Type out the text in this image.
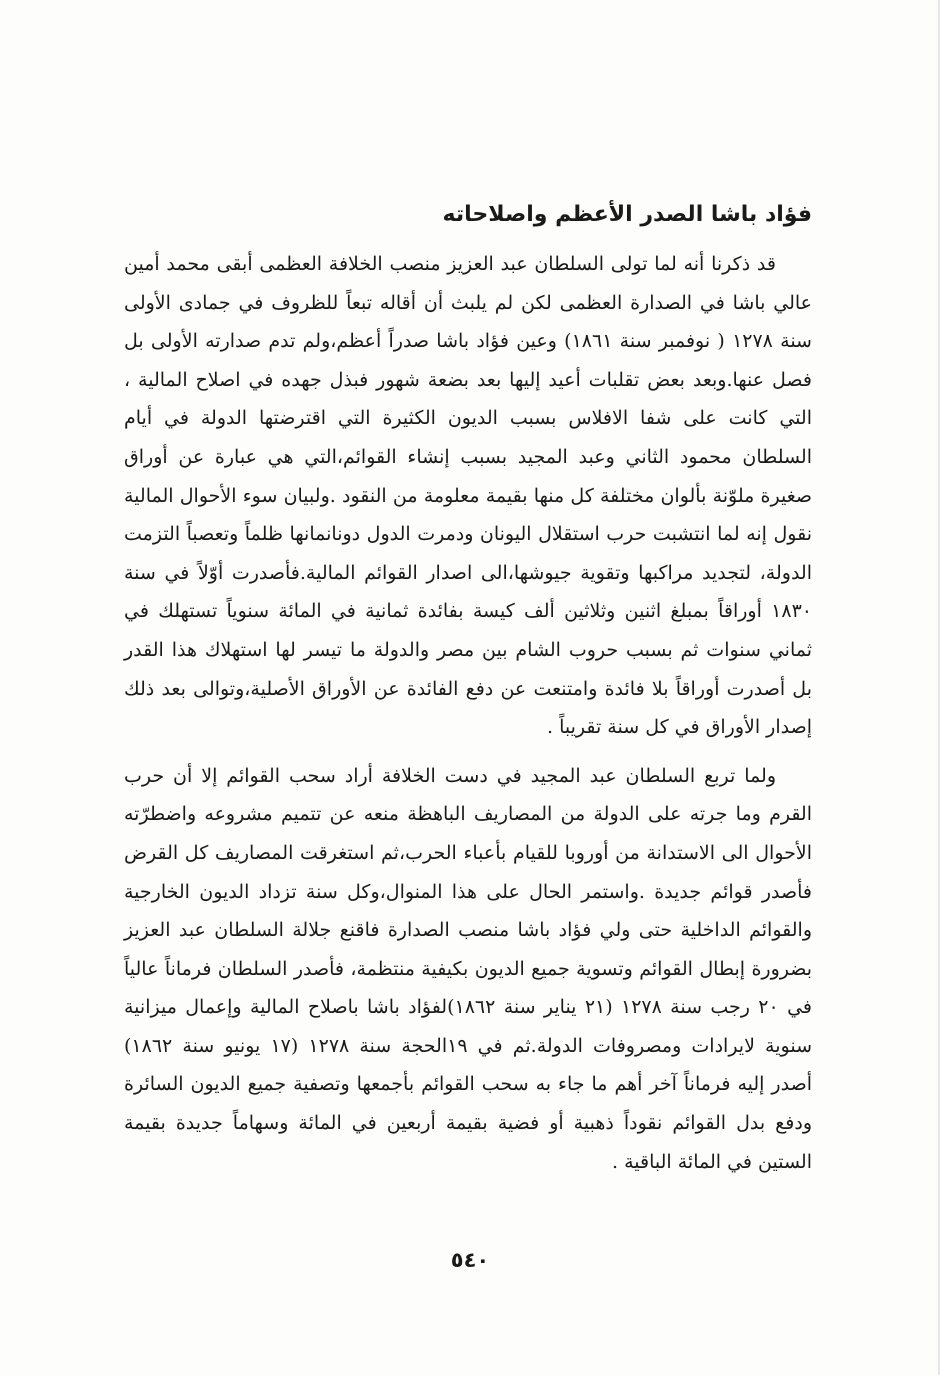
فؤاد باشا الصدر الأعظم واصلاحاته

قد ذكرنا أنه لما تولى السلطان عبد العزيز منصب الخلافة العظمى أبقى محمد أمين عالي باشا في الصدارة العظمى لكن لم يلبث أن أقاله تبعاً للظروف في جمادى الأولى سنة ١٢٧٨ ( نوفمبر سنة ١٨٦١) وعين فؤاد باشا صدراً أعظم،ولم تدم صدارته الأولى بل فصل عنها.وبعد بعض تقلبات أعيد إليها بعد بضعة شهور فبذل جهده في اصلاح المالية ، التي كانت على شفا الافلاس بسبب الديون الكثيرة التي اقترضتها الدولة في أيام السلطان محمود الثاني وعبد المجيد بسبب إنشاء القوائم،التي هي عبارة عن أوراق صغيرة ملوّنة بألوان مختلفة كل منها بقيمة معلومة من النقود .ولبيان سوء الأحوال المالية نقول إنه لما انتشبت حرب استقلال اليونان ودمرت الدول دونانمانها ظلماً وتعصباً التزمت الدولة، لتجديد مراكبها وتقوية جيوشها،الى اصدار القوائم المالية.فأصدرت أوّلاً في سنة ١٨٣٠ أوراقاً بمبلغ اثنين وثلاثين ألف كيسة بفائدة ثمانية في المائة سنوياً تستهلك في ثماني سنوات ثم بسبب حروب الشام بين مصر والدولة ما تيسر لها استهلاك هذا القدر بل أصدرت أوراقاً بلا فائدة وامتنعت عن دفع الفائدة عن الأوراق الأصلية،وتوالى بعد ذلك إصدار الأوراق في كل سنة تقريباً .

ولما تربع السلطان عبد المجيد في دست الخلافة أراد سحب القوائم إلا أن حرب القرم وما جرته على الدولة من المصاريف الباهظة منعه عن تتميم مشروعه واضطرّته الأحوال الى الاستدانة من أوروبا للقيام بأعباء الحرب،ثم استغرقت المصاريف كل القرض فأصدر قوائم جديدة .واستمر الحال على هذا المنوال،وكل سنة تزداد الديون الخارجية والقوائم الداخلية حتى ولي فؤاد باشا منصب الصدارة فاقنع جلالة السلطان عبد العزيز بضرورة إبطال القوائم وتسوية جميع الديون بكيفية منتظمة، فأصدر السلطان فرماناً عالياً في ٢٠ رجب سنة ١٢٧٨ (٢١ يناير سنة ١٨٦٢)لفؤاد باشا باصلاح المالية وإعمال ميزانية سنوية لايرادات ومصروفات الدولة.ثم في ١٩الحجة سنة ١٢٧٨ (١٧ يونيو سنة ١٨٦٢) أصدر إليه فرماناً آخر أهم ما جاء به سحب القوائم بأجمعها وتصفية جميع الديون السائرة ودفع بدل القوائم نقوداً ذهبية أو فضية بقيمة أربعين في المائة وسهاماً جديدة بقيمة الستين في المائة الباقية .

٥٤٠
